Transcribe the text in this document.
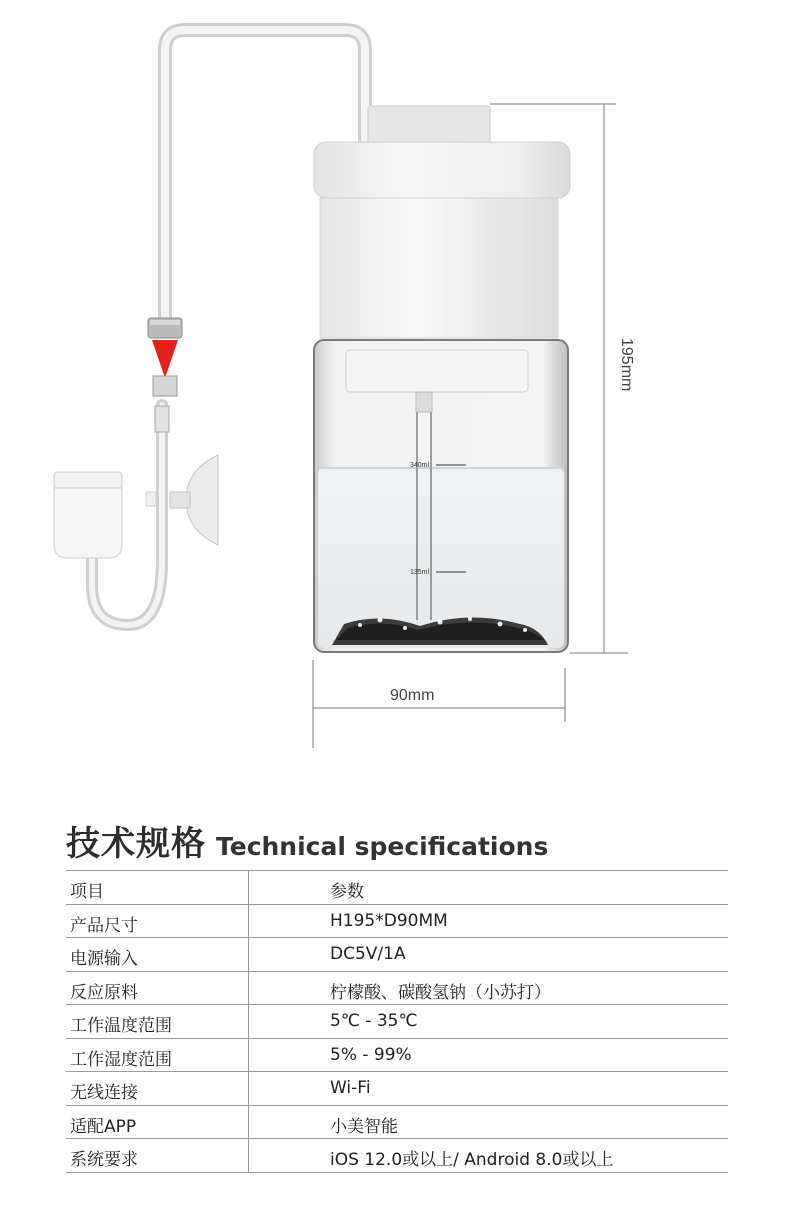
340ml
135ml
195mm
90mm
技术规格 Technical specifications
项目	参数
产品尺寸	H195*D90MM
电源输入	DC5V/1A
反应原料	柠檬酸、碳酸氢钠（小苏打）
工作温度范围	5℃ - 35℃
工作湿度范围	5% - 99%
无线连接	Wi-Fi
适配APP	小美智能
系统要求	iOS 12.0或以上/ Android 8.0或以上
